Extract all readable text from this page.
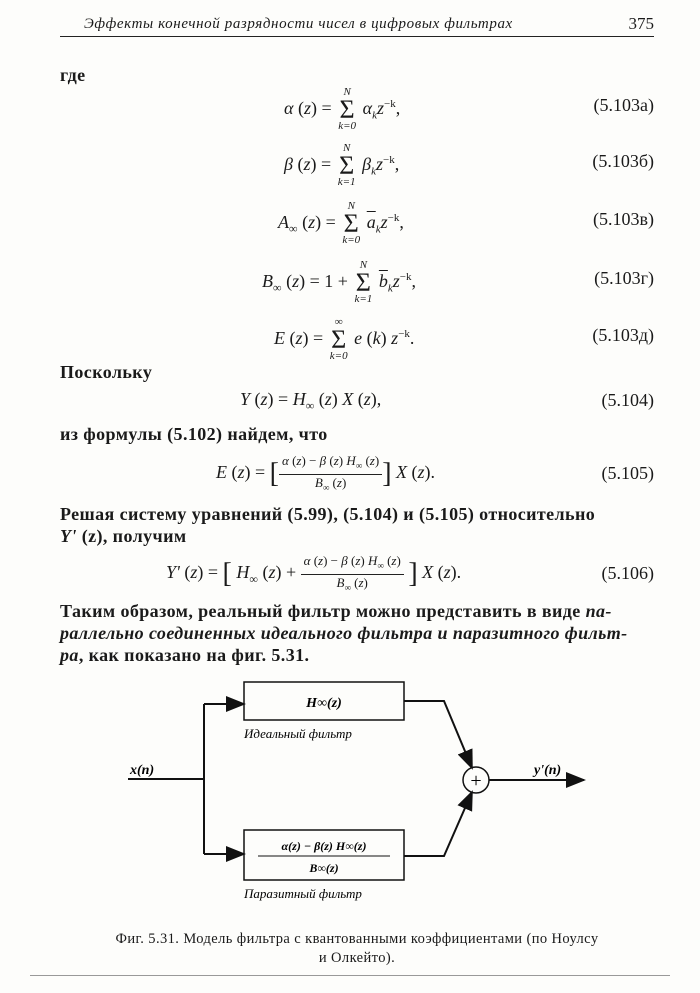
Эффекты конечной разрядности чисел в цифровых фильтрах	375
где
α (z) =
N
Σ
k=0
$\alpha_kz^{-k}$,	(5.103а)
β (z) =
N
Σ
k=1
$\beta_kz^{-k}$,	(5.103б)
$A_\infty$ (z) =
N
Σ
k=0
$\overline{a}_kz^{-k}$,	(5.103в)
$B_\infty$ (z) = 1 +
N
Σ
k=1
$\overline{b}_kz^{-k}$,	(5.103г)
E (z) =
∞
Σ
k=0
e (k) $z^{-k}$.	(5.103д)
Поскольку
Y $(z) = H_\infty$ (z) X (z),	(5.104)
из формулы (5.102) найдем, что
E (z) = [ $\frac{\alpha (z) - \beta (z) H_\infty (z)}{B_\infty (z)}$ ] X (z).	(5.105)
Решая систему уравнений (5.99), (5.104) и (5.105) относительно
Y' (z), получим
Y' (z) = [ $H_\infty$ $(z) + \frac{\alpha (z) - \beta (z) H_\infty (z)}{B_\infty (z)}$ ] X (z).	(5.106)
Таким образом, реальный фильтр можно представить в виде па-
раллельно соединенных идеального фильтра и паразитного фильт-
ра, как показано на фиг. 5.31.
H∞(z)
Идеальный фильтр
α(z) − β(z) H∞(z)
B∞(z)
Паразитный фильтр
+
x(n)	y'(n)
Фиг. 5.31. Модель фильтра с квантованными коэффициентами (по Ноулсу
и Олкейто).
